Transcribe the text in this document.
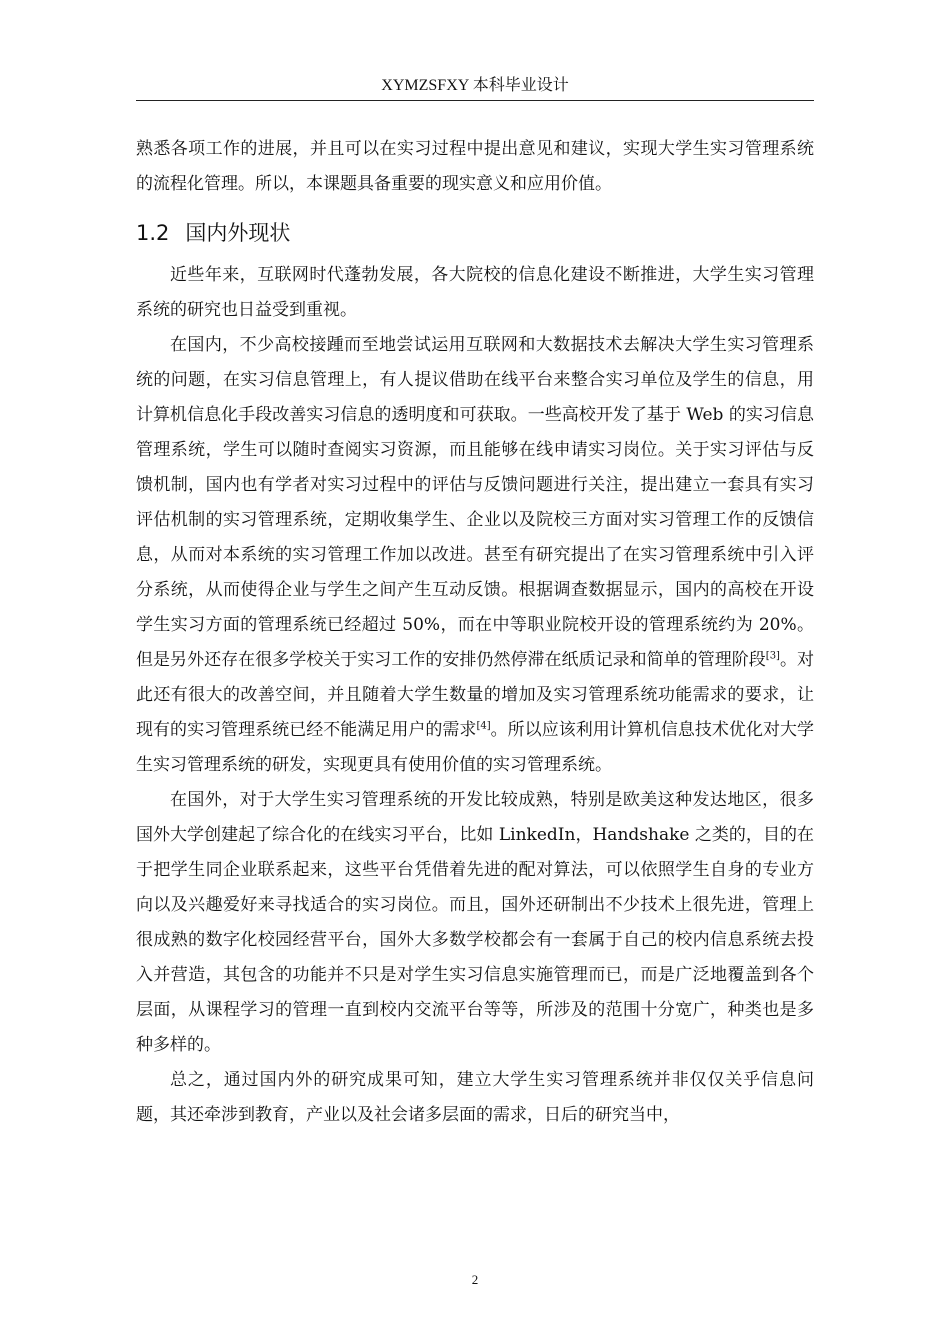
XYMZSFXY 本科毕业设计

熟悉各项工作的进展，并且可以在实习过程中提出意见和建议，实现大学生实习管理系统的流程化管理。所以，本课题具备重要的现实意义和应用价值。

1.2 国内外现状

近些年来，互联网时代蓬勃发展，各大院校的信息化建设不断推进，大学生实习管理系统的研究也日益受到重视。

在国内，不少高校接踵而至地尝试运用互联网和大数据技术去解决大学生实习管理系统的问题，在实习信息管理上，有人提议借助在线平台来整合实习单位及学生的信息，用计算机信息化手段改善实习信息的透明度和可获取。一些高校开发了基于 Web 的实习信息管理系统，学生可以随时查阅实习资源，而且能够在线申请实习岗位。关于实习评估与反馈机制，国内也有学者对实习过程中的评估与反馈问题进行关注，提出建立一套具有实习评估机制的实习管理系统，定期收集学生、企业以及院校三方面对实习管理工作的反馈信息，从而对本系统的实习管理工作加以改进。甚至有研究提出了在实习管理系统中引入评分系统，从而使得企业与学生之间产生互动反馈。根据调查数据显示，国内的高校在开设学生实习方面的管理系统已经超过 50%，而在中等职业院校开设的管理系统约为 20%。但是另外还存在很多学校关于实习工作的安排仍然停滞在纸质记录和简单的管理阶段[3]。对此还有很大的改善空间，并且随着大学生数量的增加及实习管理系统功能需求的要求，让现有的实习管理系统已经不能满足用户的需求[4]。所以应该利用计算机信息技术优化对大学生实习管理系统的研发，实现更具有使用价值的实习管理系统。

在国外，对于大学生实习管理系统的开发比较成熟，特别是欧美这种发达地区，很多国外大学创建起了综合化的在线实习平台，比如 LinkedIn，Handshake 之类的，目的在于把学生同企业联系起来，这些平台凭借着先进的配对算法，可以依照学生自身的专业方向以及兴趣爱好来寻找适合的实习岗位。而且，国外还研制出不少技术上很先进，管理上很成熟的数字化校园经营平台，国外大多数学校都会有一套属于自己的校内信息系统去投入并营造，其包含的功能并不只是对学生实习信息实施管理而已，而是广泛地覆盖到各个层面，从课程学习的管理一直到校内交流平台等等，所涉及的范围十分宽广，种类也是多种多样的。

总之，通过国内外的研究成果可知，建立大学生实习管理系统并非仅仅关乎信息问题，其还牵涉到教育，产业以及社会诸多层面的需求，日后的研究当中，

2
